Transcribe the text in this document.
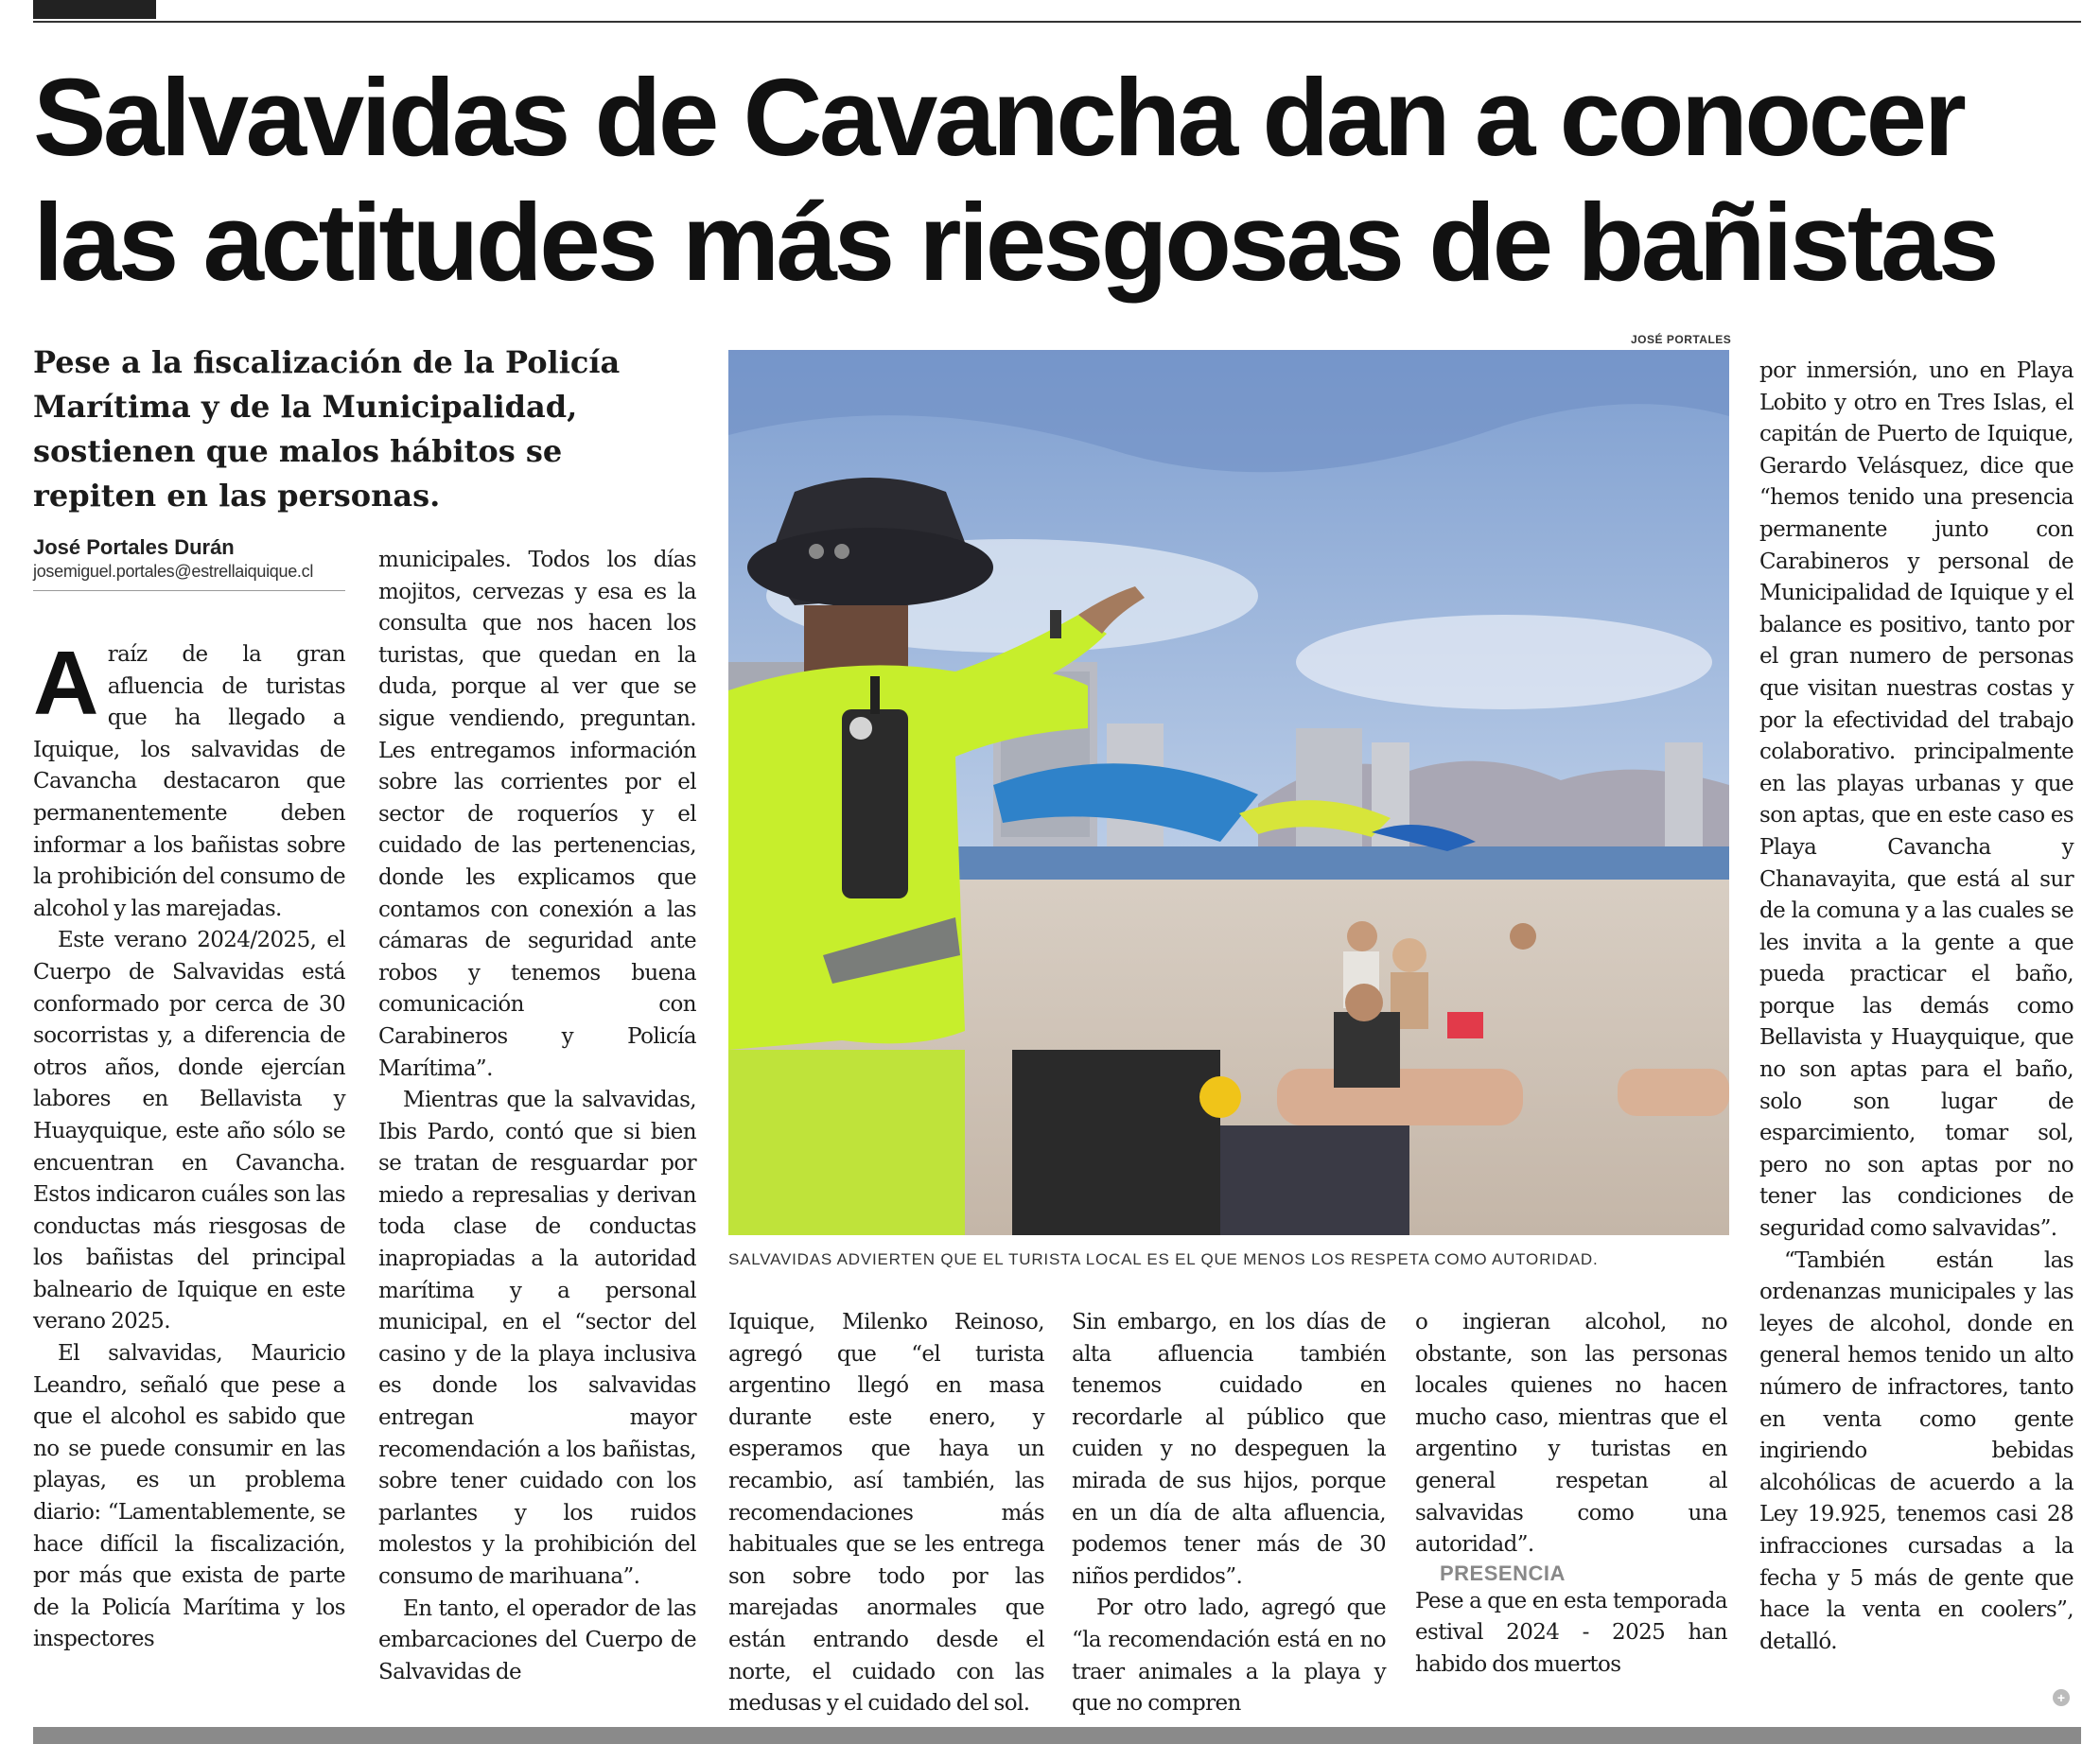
Salvavidas de Cavancha dan a conocer
las actitudes más riesgosas de bañistas

Pese a la fiscalización de la Policía Marítima y de la Municipalidad, sostienen que malos hábitos se repiten en las personas.

José Portales Durán
josemiguel.portales@estrellaiquique.cl

Araíz de la gran afluencia de turistas que ha llegado a Iquique, los salvavidas de Cavancha destacaron que permanentemente deben informar a los bañistas sobre la prohibición del consumo de alcohol y las marejadas.

Este verano 2024/2025, el Cuerpo de Salvavidas está conformado por cerca de 30 socorristas y, a diferencia de otros años, donde ejercían labores en Bellavista y Huayquique, este año sólo se encuentran en Cavancha. Estos indicaron cuáles son las conductas más riesgosas de los bañistas del principal balneario de Iquique en este verano 2025.

El salvavidas, Mauricio Leandro, señaló que pese a que el alcohol es sabido que no se puede consumir en las playas, es un problema diario: “Lamentablemente, se hace difícil la fiscalización, por más que exista de parte de la Policía Marítima y los inspectores

municipales. Todos los días mojitos, cervezas y esa es la consulta que nos hacen los turistas, que quedan en la duda, porque al ver que se sigue vendiendo, preguntan. Les entregamos información sobre las corrientes por el sector de roqueríos y el cuidado de las pertenencias, donde les explicamos que contamos con conexión a las cámaras de seguridad ante robos y tenemos buena comunicación con Carabineros y Policía Marítima”.

Mientras que la salvavidas, Ibis Pardo, contó que si bien se tratan de resguardar por miedo a represalias y derivan toda clase de conductas inapropiadas a la autoridad marítima y a personal municipal, en el “sector del casino y de la playa inclusiva es donde los salvavidas entregan mayor recomendación a los bañistas, sobre tener cuidado con los parlantes y los ruidos molestos y la prohibición del consumo de marihuana”.

En tanto, el operador de las embarcaciones del Cuerpo de Salvavidas de

JOSÉ PORTALES
SALVAVIDAS ADVIERTEN QUE EL TURISTA LOCAL ES EL QUE MENOS LOS RESPETA COMO AUTORIDAD.

Iquique, Milenko Reinoso, agregó que “el turista argentino llegó en masa durante este enero, y esperamos que haya un recambio, así también, las recomendaciones más habituales que se les entrega son sobre todo por las marejadas anormales que están entrando desde el norte, el cuidado con las medusas y el cuidado del sol.

Sin embargo, en los días de alta afluencia también tenemos cuidado en recordarle al público que cuiden y no despeguen la mirada de sus hijos, porque en un día de alta afluencia, podemos tener más de 30 niños perdidos”.

Por otro lado, agregó que “la recomendación está en no traer animales a la playa y que no compren

o ingieran alcohol, no obstante, son las personas locales quienes no hacen mucho caso, mientras que el argentino y turistas en general respetan al salvavidas como una autoridad”.

PRESENCIA

Pese a que en esta temporada estival 2024 - 2025 han habido dos muertos

por inmersión, uno en Playa Lobito y otro en Tres Islas, el capitán de Puerto de Iquique, Gerardo Velásquez, dice que “hemos tenido una presencia permanente junto con Carabineros y personal de Municipalidad de Iquique y el balance es positivo, tanto por el gran numero de personas que visitan nuestras costas y por la efectividad del trabajo colaborativo. principalmente en las playas urbanas y que son aptas, que en este caso es Playa Cavancha y Chanavayita, que está al sur de la comuna y a las cuales se les invita a la gente a que pueda practicar el baño, porque las demás como Bellavista y Huayquique, que no son aptas para el baño, solo son lugar de esparcimiento, tomar sol, pero no son aptas por no tener las condiciones de seguridad como salvavidas”.

“También están las ordenanzas municipales y las leyes de alcohol, donde en general hemos tenido un alto número de infractores, tanto en venta como gente ingiriendo bebidas alcohólicas de acuerdo a la Ley 19.925, tenemos casi 28 infracciones cursadas a la fecha y 5 más de gente que hace la venta en coolers”, detalló.

+
